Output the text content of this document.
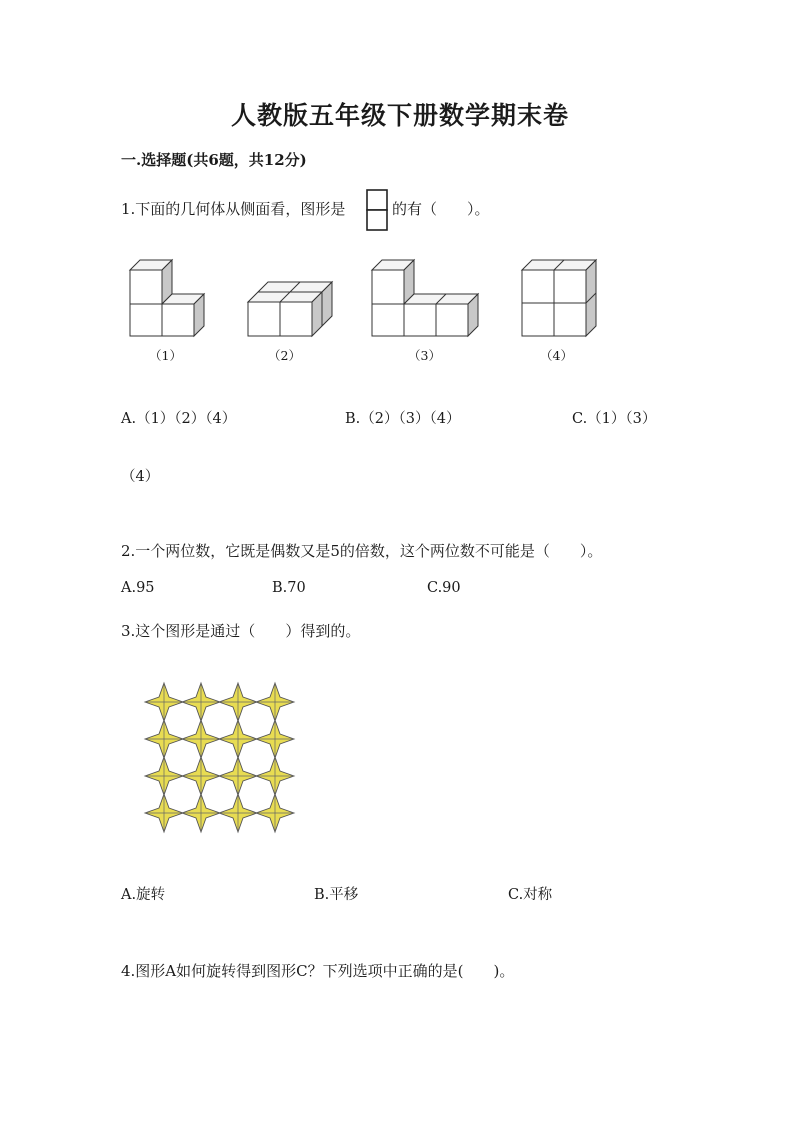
人教版五年级下册数学期末卷
一.选择题(共6题，共12分)
1.下面的几何体从侧面看，图形是	的有（　　）。
（1）	（2）	（3）	（4）
A.（1）（2）（4）	B.（2）（3）（4）	C.（1）（3）
（4）
2.一个两位数，它既是偶数又是5的倍数，这个两位数不可能是（　　）。
A.95	B.70	C.90
3.这个图形是通过（　　）得到的。
A.旋转	B.平移	C.对称
4.图形A如何旋转得到图形C？下列选项中正确的是(　　)。
